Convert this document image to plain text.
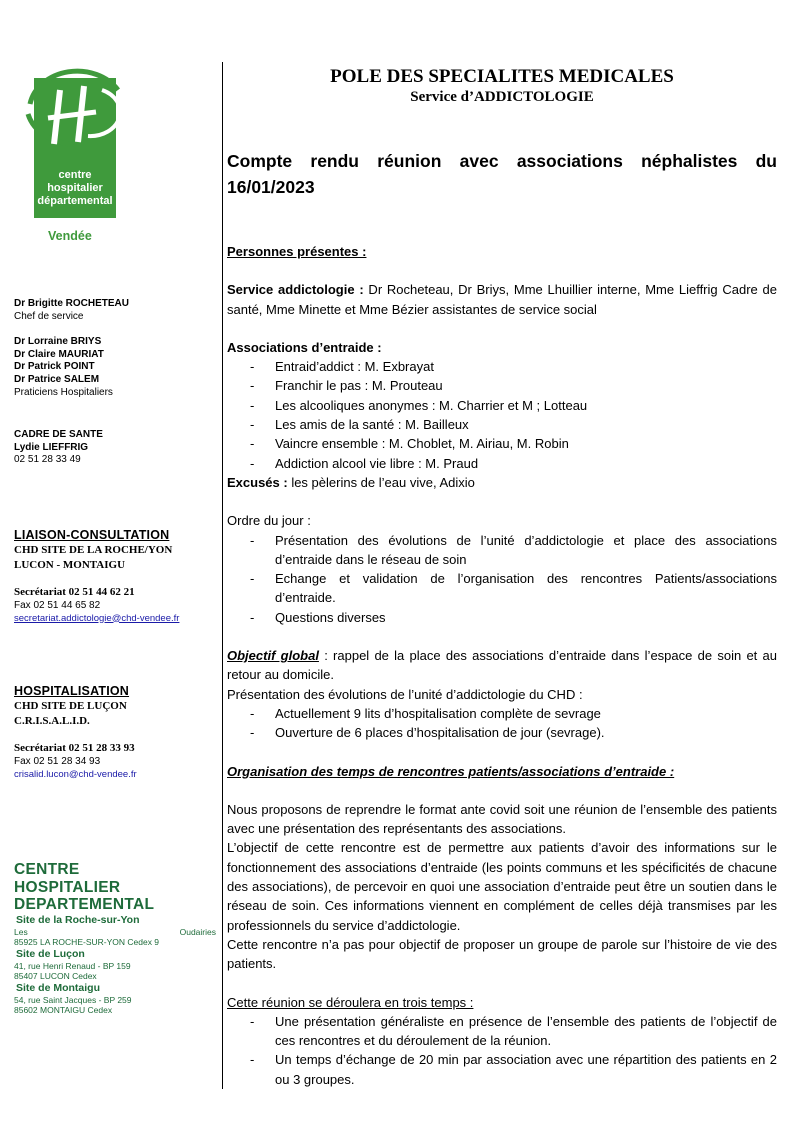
centre
hospitalier
départemental
Vendée
Dr Brigitte ROCHETEAU
Chef de service
Dr Lorraine BRIYS
Dr Claire MAURIAT
Dr Patrick POINT
Dr Patrice SALEM
Praticiens Hospitaliers
CADRE DE SANTE
Lydie LIEFFRIG
02 51 28 33 49
LIAISON-CONSULTATION
CHD SITE DE LA ROCHE/YON
LUCON - MONTAIGU
Secrétariat 02 51 44 62 21
Fax 02 51 44 65 82
secretariat.addictologie@chd-vendee.fr
HOSPITALISATION
CHD SITE DE LUÇON
C.R.I.S.A.L.I.D.
Secrétariat 02 51 28 33 93
Fax 02 51 28 34 93
crisalid.lucon@chd-vendee.fr
CENTRE
HOSPITALIER
DEPARTEMENTAL
Site de la Roche-sur-Yon
Les	Oudairies
85925 LA ROCHE-SUR-YON Cedex 9
Site de Luçon
41, rue Henri Renaud - BP 159
85407 LUCON Cedex
Site de Montaigu
54, rue Saint Jacques - BP 259
85602 MONTAIGU Cedex
POLE DES SPECIALITES MEDICALES
Service d’ADDICTOLOGIE
Compte rendu réunion avec associations néphalistes du 16/01/2023

Personnes présentes :

Service addictologie : Dr Rocheteau, Dr Briys, Mme Lhuillier interne, Mme Lieffrig Cadre de santé, Mme Minette et Mme Bézier assistantes de service social

Associations d’entraide :

- Entraid’addict : M. Exbrayat
- Franchir le pas : M. Prouteau
- Les alcooliques anonymes : M. Charrier et M ; Lotteau
- Les amis de la santé : M. Bailleux
- Vaincre ensemble : M. Choblet, M. Airiau, M. Robin
- Addiction alcool vie libre : M. Praud

Excusés : les pèlerins de l’eau vive, Adixio

Ordre du jour :

- Présentation des évolutions de l’unité d’addictologie et place des associations d’entraide dans le réseau de soin
- Echange et validation de l’organisation des rencontres Patients/associations d’entraide.
- Questions diverses

Objectif global : rappel de la place des associations d’entraide dans l’espace de soin et au retour au domicile.

Présentation des évolutions de l’unité d’addictologie du CHD :

- Actuellement 9 lits d’hospitalisation complète de sevrage
- Ouverture de 6 places d’hospitalisation de jour (sevrage).

Organisation des temps de rencontres patients/associations d’entraide :

Nous proposons de reprendre le format ante covid soit une réunion de l’ensemble des patients avec une présentation des représentants des associations.

L’objectif de cette rencontre est de permettre aux patients d’avoir des informations sur le fonctionnement des associations d’entraide (les points communs et les spécificités de chacune des associations), de percevoir en quoi une association d’entraide peut être un soutien dans le réseau de soin. Ces informations viennent en complément de celles déjà transmises par les professionnels du service d’addictologie.

Cette rencontre n’a pas pour objectif de proposer un groupe de parole sur l’histoire de vie des patients.

Cette réunion se déroulera en trois temps :

- Une présentation généraliste en présence de l’ensemble des patients de l’objectif de ces rencontres et du déroulement de la réunion.
- Un temps d’échange de 20 min par association avec une répartition des patients en 2 ou 3 groupes.
